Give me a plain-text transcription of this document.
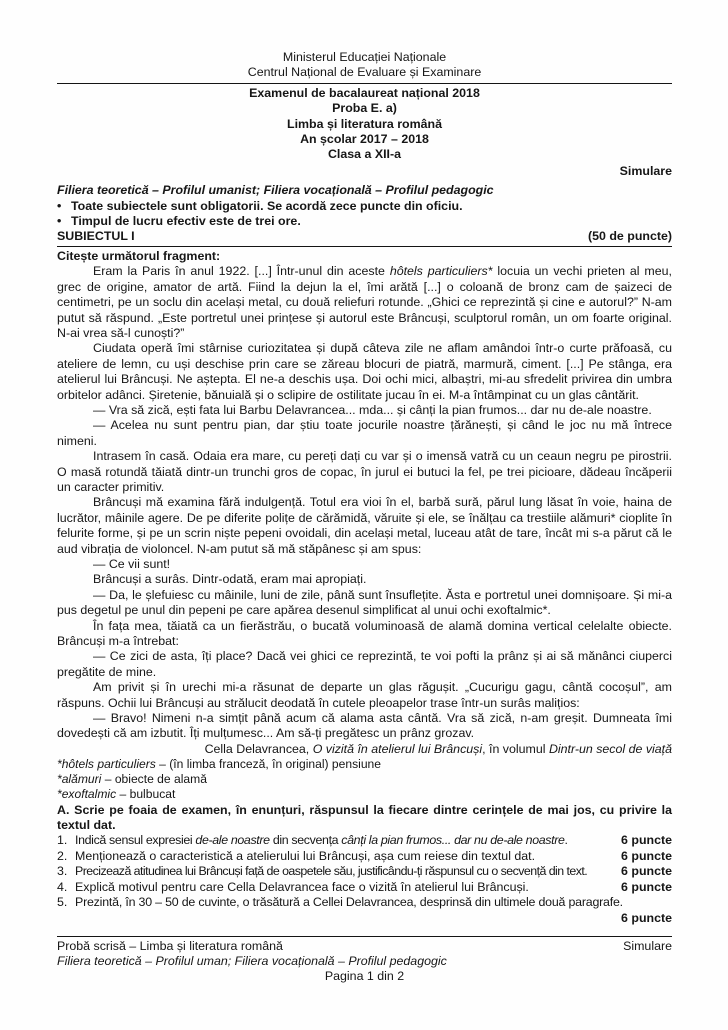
Ministerul Educației Naționale
Centrul Național de Evaluare și Examinare
Examenul de bacalaureat național 2018
Proba E. a)
Limba și literatura română
An școlar 2017 – 2018
Clasa a XII-a
Simulare
Filiera teoretică – Profilul umanist; Filiera vocațională – Profilul pedagogic
• Toate subiectele sunt obligatorii. Se acordă zece puncte din oficiu.
• Timpul de lucru efectiv este de trei ore.
SUBIECTUL I	(50 de puncte)
Citește următorul fragment:

Eram la Paris în anul 1922. [...] Într-unul din aceste hôtels particuliers* locuia un vechi prieten al meu, grec de origine, amator de artă. Fiind la dejun la el, îmi arătă [...] o coloană de bronz cam de șaizeci de centimetri, pe un soclu din același metal, cu două reliefuri rotunde. „Ghici ce reprezintă și cine e autorul?” N-am putut să răspund. „Este portretul unei prințese și autorul este Brâncuși, sculptorul român, un om foarte original. N-ai vrea să-l cunoști?”

Ciudata operă îmi stârnise curiozitatea și după câteva zile ne aflam amândoi într-o curte prăfoasă, cu ateliere de lemn, cu uși deschise prin care se zăreau blocuri de piatră, marmură, ciment. [...] Pe stânga, era atelierul lui Brâncuși. Ne aștepta. El ne-a deschis ușa. Doi ochi mici, albaștri, mi-au sfredelit privirea din umbra orbitelor adânci. Șiretenie, bănuială și o sclipire de ostilitate jucau în ei. M-a întâmpinat cu un glas cântărit.

— Vra să zică, ești fata lui Barbu Delavrancea... mda... și cânți la pian frumos... dar nu de-ale noastre.

— Acelea nu sunt pentru pian, dar știu toate jocurile noastre țărănești, și când le joc nu mă întrece nimeni.

Intrasem în casă. Odaia era mare, cu pereți dați cu var și o imensă vatră cu un ceaun negru pe pirostrii. O masă rotundă tăiată dintr-un trunchi gros de copac, în jurul ei butuci la fel, pe trei picioare, dădeau încăperii un caracter primitiv.

Brâncuși mă examina fără indulgență. Totul era vioi în el, barbă sură, părul lung lăsat în voie, haina de lucrător, mâinile agere. De pe diferite polițe de cărămidă, văruite și ele, se înălțau ca trestiile alămuri* cioplite în felurite forme, și pe un scrin niște pepeni ovoidali, din același metal, luceau atât de tare, încât mi s-a părut că le aud vibrația de violoncel. N-am putut să mă stăpânesc și am spus:

— Ce vii sunt!

Brâncuși a surâs. Dintr-odată, eram mai apropiați.

— Da, le șlefuiesc cu mâinile, luni de zile, până sunt însuflețite. Ăsta e portretul unei domnișoare. Și mi-a pus degetul pe unul din pepeni pe care apărea desenul simplificat al unui ochi exoftalmic*.

În fața mea, tăiată ca un fierăstrău, o bucată voluminoasă de alamă domina vertical celelalte obiecte. Brâncuși m-a întrebat:

— Ce zici de asta, îți place? Dacă vei ghici ce reprezintă, te voi pofti la prânz și ai să mănânci ciuperci pregătite de mine.

Am privit și în urechi mi-a răsunat de departe un glas răgușit. „Cucurigu gagu, cântă cocoșul”, am răspuns. Ochii lui Brâncuși au strălucit deodată în cutele pleoapelor trase într-un surâs malițios:

— Bravo! Nimeni n-a simțit până acum că alama asta cântă. Vra să zică, n-am greșit. Dumneata îmi dovedești că am izbutit. Îți mulțumesc... Am să-ți pregătesc un prânz grozav.

Cella Delavrancea, O vizită în atelierul lui Brâncuși, în volumul Dintr-un secol de viață
*hôtels particuliers – (în limba franceză, în original) pensiune
*alămuri – obiecte de alamă
*exoftalmic – bulbucat
A. Scrie pe foaia de examen, în enunțuri, răspunsul la fiecare dintre cerințele de mai jos, cu privire la textul dat.
1. Indică sensul expresiei de-ale noastre din secvența cânți la pian frumos... dar nu de-ale noastre.	6 puncte
2. Menționează o caracteristică a atelierului lui Brâncuși, așa cum reiese din textul dat.	6 puncte
3. Precizează atitudinea lui Brâncuși față de oaspetele său, justificându-ți răspunsul cu o secvență din text.	6 puncte
4. Explică motivul pentru care Cella Delavrancea face o vizită în atelierul lui Brâncuși.	6 puncte
5. Prezintă, în 30 – 50 de cuvinte, o trăsătură a Cellei Delavrancea, desprinsă din ultimele două paragrafe.
6 puncte
Probă scrisă – Limba și literatura română	Simulare
Filiera teoretică – Profilul uman; Filiera vocațională – Profilul pedagogic
Pagina 1 din 2
